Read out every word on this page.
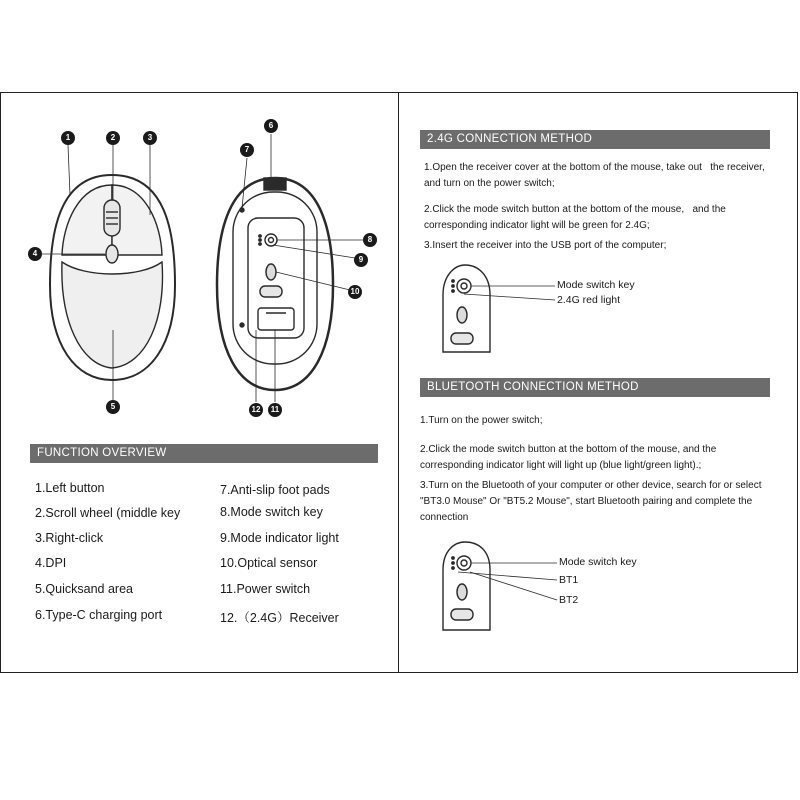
1	2	3
4
5
6
7
8
9
10
12	11
FUNCTION OVERVIEW
1.Left button
2.Scroll wheel (middle key
3.Right-click
4.DPI
5.Quicksand area
6.Type-C charging port
7.Anti-slip foot pads
8.Mode switch key
9.Mode indicator light
10.Optical sensor
11.Power switch
12.（2.4G）Receiver
2.4G CONNECTION METHOD
1.Open the receiver cover at the bottom of the mouse, take out   the receiver, and turn on the power switch;
2.Click the mode switch button at the bottom of the mouse,   and the corresponding indicator light will be green for 2.4G;
3.Insert the receiver into the USB port of the computer;
Mode switch key
2.4G red light
BLUETOOTH CONNECTION METHOD
1.Turn on the power switch;
2.Click the mode switch button at the bottom of the mouse, and the corresponding indicator light will light up (blue light/green light).;
3.Turn on the Bluetooth of your computer or other device, search for or select "BT3.0 Mouse" Or "BT5.2 Mouse", start Bluetooth pairing and complete the connection
Mode switch key
BT1
BT2
